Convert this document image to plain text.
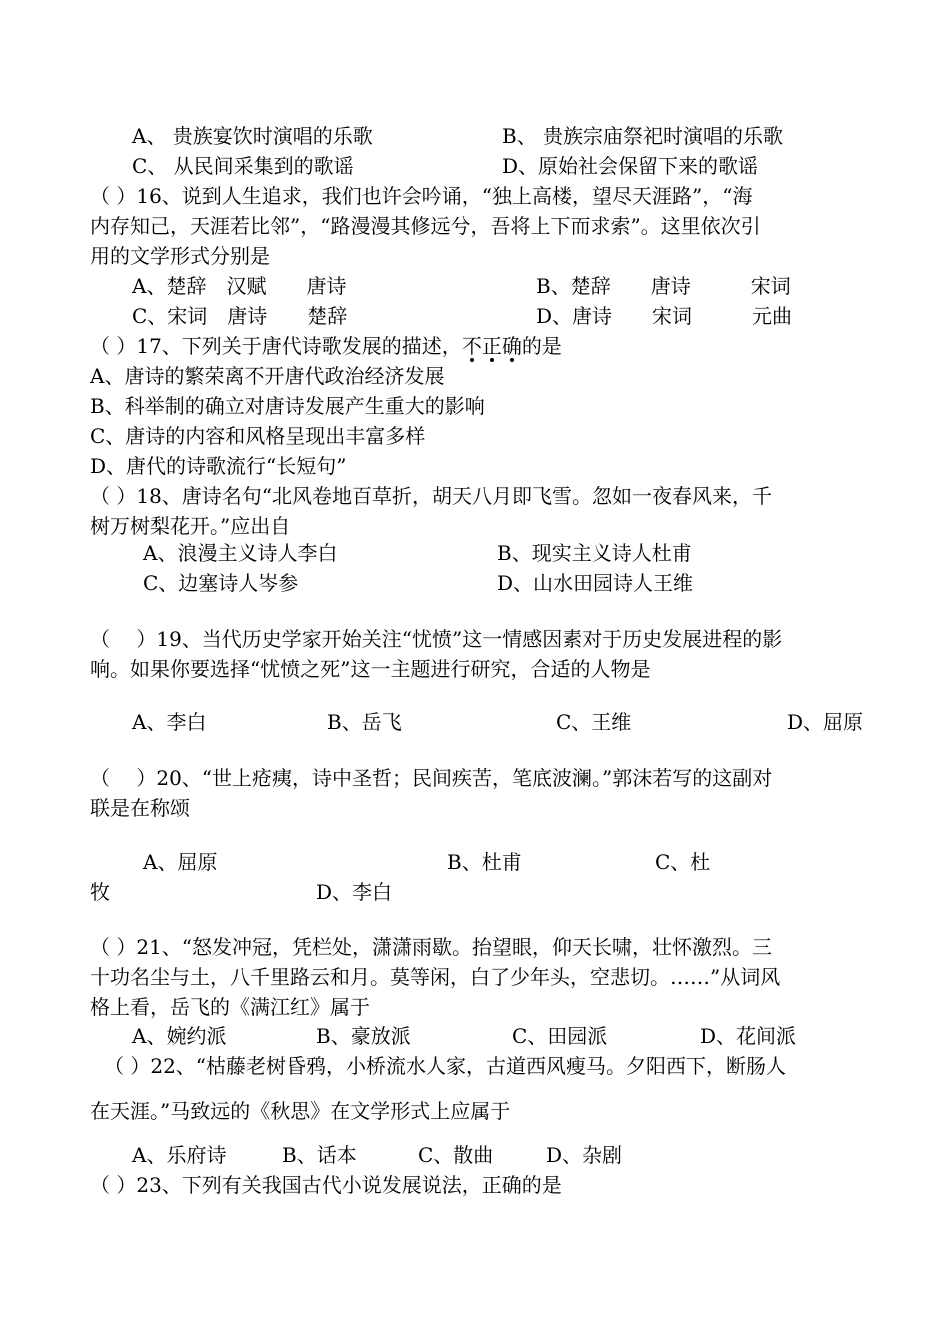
A、 贵族宴饮时演唱的乐歌	B、 贵族宗庙祭祀时演唱的乐歌
C、 从民间采集到的歌谣	D、原始社会保留下来的歌谣
（ ）16、说到人生追求，我们也许会吟诵，“独上高楼，望尽天涯路”，“海
内存知己，天涯若比邻”，“路漫漫其修远兮，吾将上下而求索”。这里依次引
用的文学形式分别是
A、楚辞　汉赋　　唐诗	B、楚辞　　唐诗　　　宋词
C、宋词　唐诗　　楚辞	D、唐诗　　宋词　　　元曲
（ ）17、下列关于唐代诗歌发展的描述，不正确的是
A、唐诗的繁荣离不开唐代政治经济发展
B、科举制的确立对唐诗发展产生重大的影响
C、唐诗的内容和风格呈现出丰富多样
D、唐代的诗歌流行“长短句”
（ ）18、唐诗名句“北风卷地百草折，胡天八月即飞雪。忽如一夜春风来，千
树万树梨花开。”应出自
A、浪漫主义诗人李白	B、现实主义诗人杜甫
C、边塞诗人岑参	D、山水田园诗人王维
（　 ）19、当代历史学家开始关注“忧愤”这一情感因素对于历史发展进程的影
响。如果你要选择“忧愤之死”这一主题进行研究，合适的人物是
A、李白	B、岳飞	C、王维	D、屈原
（　 ）20、“世上疮痍，诗中圣哲；民间疾苦，笔底波澜。”郭沫若写的这副对
联是在称颂
A、屈原	B、杜甫	C、杜
牧	D、李白
（ ）21、“怒发冲冠，凭栏处，潇潇雨歇。抬望眼，仰天长啸，壮怀激烈。三
十功名尘与土，八千里路云和月。莫等闲，白了少年头，空悲切。……”从词风
格上看，岳飞的《满江红》属于
A、婉约派	B、豪放派	C、田园派	D、花间派
（ ）22、“枯藤老树昏鸦，小桥流水人家，古道西风瘦马。夕阳西下，断肠人
在天涯。”马致远的《秋思》在文学形式上应属于
A、乐府诗	B、话本	C、散曲	D、杂剧
（ ）23、下列有关我国古代小说发展说法，正确的是
